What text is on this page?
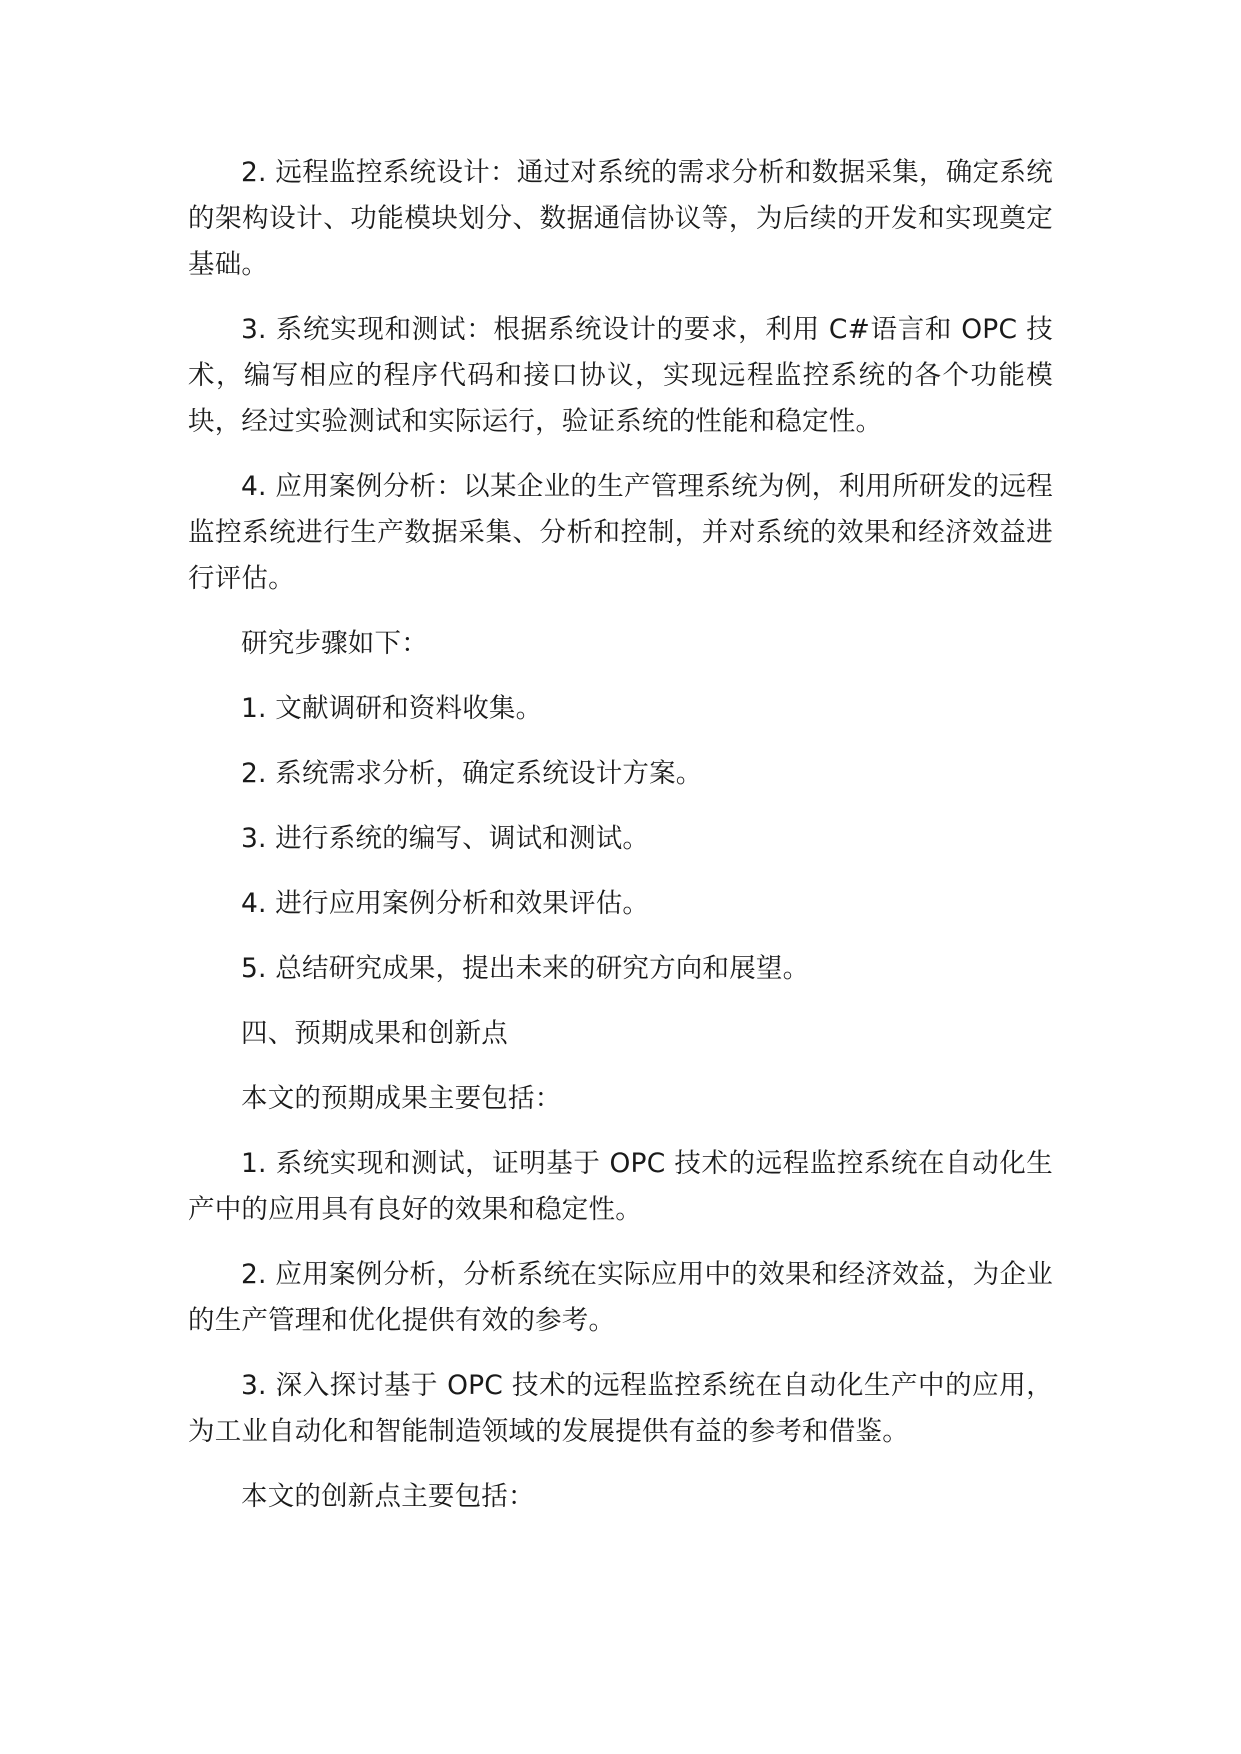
2. 远程监控系统设计：通过对系统的需求分析和数据采集，确定系统的架构设计、功能模块划分、数据通信协议等，为后续的开发和实现奠定基础。

3. 系统实现和测试：根据系统设计的要求，利用 C#语言和 OPC 技术，编写相应的程序代码和接口协议，实现远程监控系统的各个功能模块，经过实验测试和实际运行，验证系统的性能和稳定性。

4. 应用案例分析：以某企业的生产管理系统为例，利用所研发的远程监控系统进行生产数据采集、分析和控制，并对系统的效果和经济效益进行评估。

研究步骤如下：

1. 文献调研和资料收集。

2. 系统需求分析，确定系统设计方案。

3. 进行系统的编写、调试和测试。

4. 进行应用案例分析和效果评估。

5. 总结研究成果，提出未来的研究方向和展望。

四、预期成果和创新点

本文的预期成果主要包括：

1. 系统实现和测试，证明基于 OPC 技术的远程监控系统在自动化生产中的应用具有良好的效果和稳定性。

2. 应用案例分析，分析系统在实际应用中的效果和经济效益，为企业的生产管理和优化提供有效的参考。

3. 深入探讨基于 OPC 技术的远程监控系统在自动化生产中的应用，为工业自动化和智能制造领域的发展提供有益的参考和借鉴。

本文的创新点主要包括：
